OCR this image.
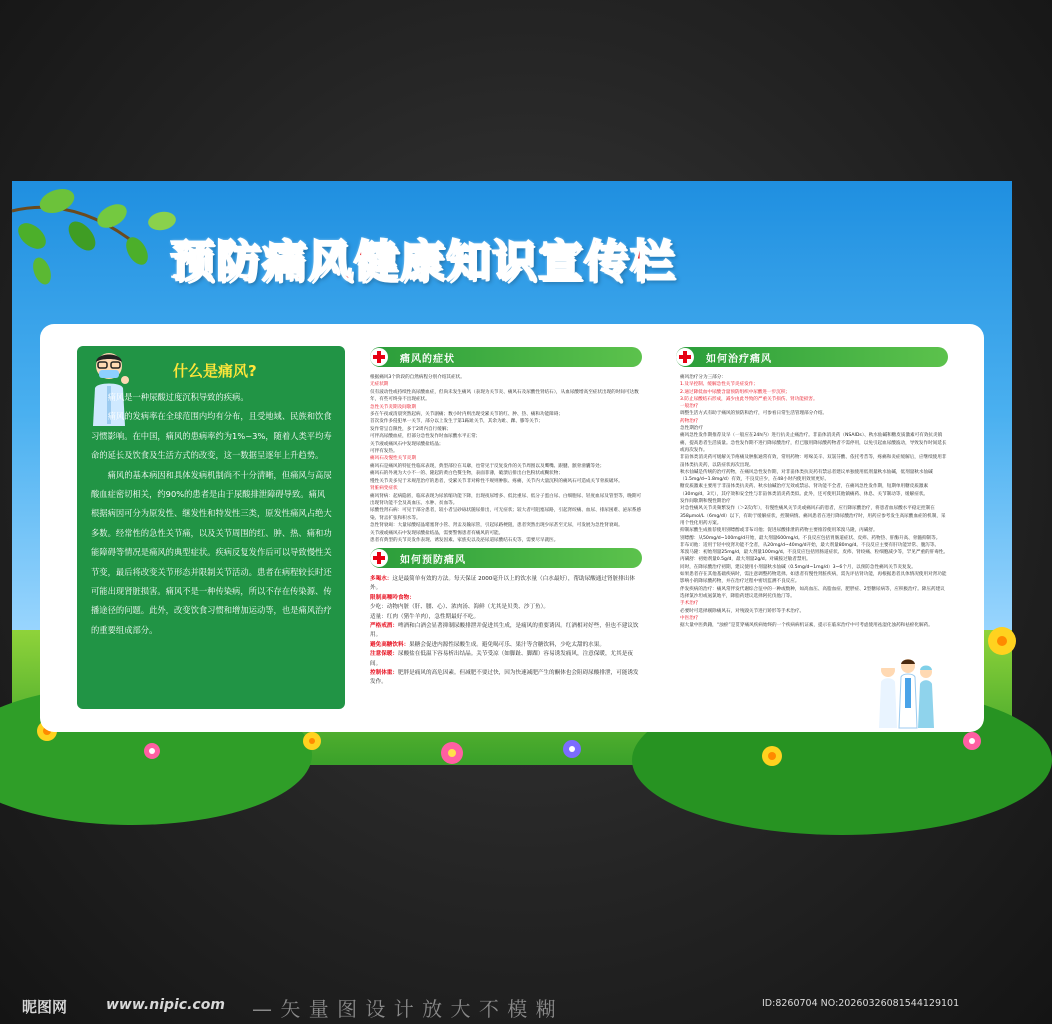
预防痛风健康知识宣传栏
什么是痛风?

痛风是一种尿酸过度沉积导致的疾病。

痛风的发病率在全球范围内均有分布，且受地域、民族和饮食习惯影响。在中国，痛风的患病率约为1%~3%，随着人类平均寿命的延长及饮食及生活方式的改变，这一数据呈逐年上升趋势。

痛风的基本病因和具体发病机制尚不十分清晰，但痛风与高尿酸血症密切相关，约90%的患者是由于尿酸排泄障碍导致。痛风根据病因可分为原发性、继发性和特发性三类，原发性痛风占绝大多数。经常性的急性关节痛，以及关节周围的红、肿、热、痛和功能障碍等情况是痛风的典型症状。疾病反复发作后可以导致慢性关节变，最后将改变关节形态并限制关节活动。患者在病程较长时还可能出现肾脏损害。痛风不是一种传染病，所以不存在传染源、传播途径的问题。此外，改变饮食习惯和增加运动等，也是痛风治疗的重要组成部分。

痛风的症状

根据痛风3个阶段的自然病程分别介绍其症状。

无症状期

仅有波动性或持续性高尿酸血症，但尚未发生痛风（表现为关节炎、痛风石及尿酸性肾结石），从血尿酸增高至症状出现的时间可达数年，有些可终身不出现症状。

急性关节炎期及间歇期

多在午夜或清晨突然起病，关节剧痛；数小时内则出现受累关节的红、肿、热、痛和功能障碍；

首次发作多侵犯单一关节，部分以上发生于第1跖趾关节，其余为趾、踝、膝等关节；

发作常呈自限性，多于2周内自行缓解；

可伴高尿酸血症，但部分急性发作时血尿酸水平正常；

关节液或痛风石中发现尿酸盐结晶；

可伴有发热。

痛风石及慢性关节炎期

痛风石是痛风的特征性临床表现，典型部位在耳廓，也常见于反复发作的关节周围以及鹰嘴、跟腱、髌骨滑囊等处；

痛风石的外观为大小不一的、隆起的黄白色赘生物，表面菲薄，破溃后排出白色粉状或糊状物；

慢性关节炎多见于未规范治疗的患者，受累关节非对称性不规则肿胀、疼痛，关节内大量沉积的痛风石可造成关节骨质破坏。

肾脏病变症状

痛风肾病：起病隐匿，临床表现为尿浓缩功能下降，出现夜尿增多、低比重尿、低分子蛋白尿、白细胞尿、轻度血尿及管型等，晚期可出现肾功能不全及高血压、水肿、贫血等。

尿酸性肾石病：可见于部分患者，较小者呈砂砾状随尿排出，可无症状；较大者可阻塞尿路，引起肾绞痛、血尿、排尿困难、泌尿系感染、肾盂扩张和积水等。

急性肾衰竭：大量尿酸结晶堵塞肾小管、肾盂及输尿管，引起尿路梗阻，患者突然出现少尿甚至无尿，可发展为急性肾衰竭。

关节液或痛风石中发现尿酸盐结晶，需要警惕患者有痛风的可能。

患者有典型的关节炎发作表现、诱发因素、家族史以及泌尿道尿酸结石史等，需要尽早就医。

如何预防痛风

多喝水：这是最简单有效的方法。每天保证 2000毫升以上的饮水量（白水最好），帮助尿酸通过肾脏排出体外。

限制高嘌呤食物：

少吃：动物内脏（肝、腰、心）、浓肉汤、海鲜（尤其是贝类、沙丁鱼）。

适量：红肉（猪牛羊肉），急性期最好不吃。

严格戒酒：啤酒和白酒会显著抑制尿酸排泄并促进其生成，是痛风的重要诱因。红酒相对好些，但也不建议饮用。

避免高糖饮料：果糖会促进内源性尿酸生成。避免喝可乐、果汁等含糖饮料，少吃太甜的水果。

注意保暖：尿酸盐在低温下容易析出结晶。关节受凉（如脚趾、脚踝）容易诱发痛风，注意保暖，尤其是夜间。

控制体重：肥胖是痛风的高危因素。但减肥不要过快，因为快速减肥产生的酮体也会阻碍尿酸排泄，可能诱发发作。

如何治疗痛风

痛风治疗分为三部分：

1.及早控制、缓解急性关节炎症发作；

2.通过降低血中尿酸含量预防组织中尿酸进一步沉积；

3.防止尿酸结石形成，减少由此导致的严重关节损伤、肾功能损害。

一般治疗

调整生活方式有助于痛风的预防和治疗，可参看日常生活管理部分介绍。

药物治疗

急性期治疗

痛风急性发作期推荐及早（一般应在24h内）进行抗炎止痛治疗。非甾体消炎药（NSAIDs）、秋水仙碱和糖皮质激素可有效抗炎镇痛，提高患者生活质量。急性发作期不进行降尿酸治疗，但已服用降尿酸药物者不需停用，以免引起血尿酸波动，导致发作时间延长或再次发作。

非甾体类消炎药可缓解关节疼痛及肿胀通常有效，常用药物：吲哚美辛、双氯芬酸、依托考昔等，疼痛和炎症缓解后，应继续使用非甾体类抗炎药，以防症状再次出现。

秋水仙碱是传统的治疗药物，在痛风急性发作期，对非甾体类抗炎药有禁忌者建议单独使用低剂量秋水仙碱，低剂量秋水仙碱（1.5mg/d~1.8mg/d）有效，不良反应少，在48小时内使用效果更好。

糖皮质激素主要用于非甾体类抗炎药、秋水仙碱治疗无效或禁忌、肾功能不全者，在痛风急性发作期，短期单用糖皮质激素（30mg/d，3天），其疗效和安全性与非甾体类消炎药类似。此外，还可使用其他镇痛药、休息、关节制动等，缓解症状。

发作间歇期和慢性期治疗

对急性痛风关节炎频繁发作（＞2次/年），有慢性痛风关节炎或痛风石的患者，应行降尿酸治疗，将患者血尿酸水平稳定控制在358μmol/L（6mg/dl）以下，有助于缓解症状，控制病情。痛风患者在进行降尿酸治疗时，用药应参考发生高尿酸血症的机制，采用个性化用药方案。

抑制尿酸生成推荐使用别嘌醇或非布司他；促进尿酸排泄的药物主要推荐使用苯溴马隆，丙磺舒。

别嘌醇：从50mg/d~100mg/d开始，最大剂量600mg/d。不良反应包括胃肠道症状、皮疹、药物热、肝酶升高、骨髓抑制等。

非布司他：适用于轻中度肾功能不全者，从20mg/d~40mg/d开始，最大剂量80mg/d。不良反应主要有肝功能异常、腹泻等。

苯溴马隆：初始剂量25mg/d，最大剂量100mg/d。不良反应包括胃肠道症状、皮疹、肾绞痛、粒细胞减少等，罕见严重的肝毒性。

丙磺舒：初始剂量0.5g/d，最大剂量2g/d。对磺胺过敏者禁用。

同时，在降尿酸治疗初期，建议使用小剂量秋水仙碱（0.5mg/d~1mg/d）3~6个月，以预防急性痛风关节炎复发。

如果患者存在其他基础疾病时，需注意调整药物选择。如患者有慢性肾脏疾病，需先评估肾功能，再根据患者具体情况使用对肾功能影响小的降尿酸药物，并在治疗过程中密切监测不良反应。

伴发疾病的治疗：痛风常伴发代谢综合征中的一种或数种，如高血压、高脂血症、肥胖症、2型糖尿病等，应积极治疗。降压药建议选择氯沙坦或氨氯地平，降脂药建议选择阿托伐他汀等。

手术治疗

必要时可选择剔除痛风石，对残毁关节进行矫形等手术治疗。

中医治疗

据大量中医典籍，“浊瘀”是贯穿痛风疾病始终的一个疾病病机证素，提示在临床治疗中可考虑使用祛湿化浊药和祛瘀化解药。

昵图网	www.nipic.com — 矢 量 图 设 计 放 大 不 模 糊	ID:8260704 NO:20260326081544129101
